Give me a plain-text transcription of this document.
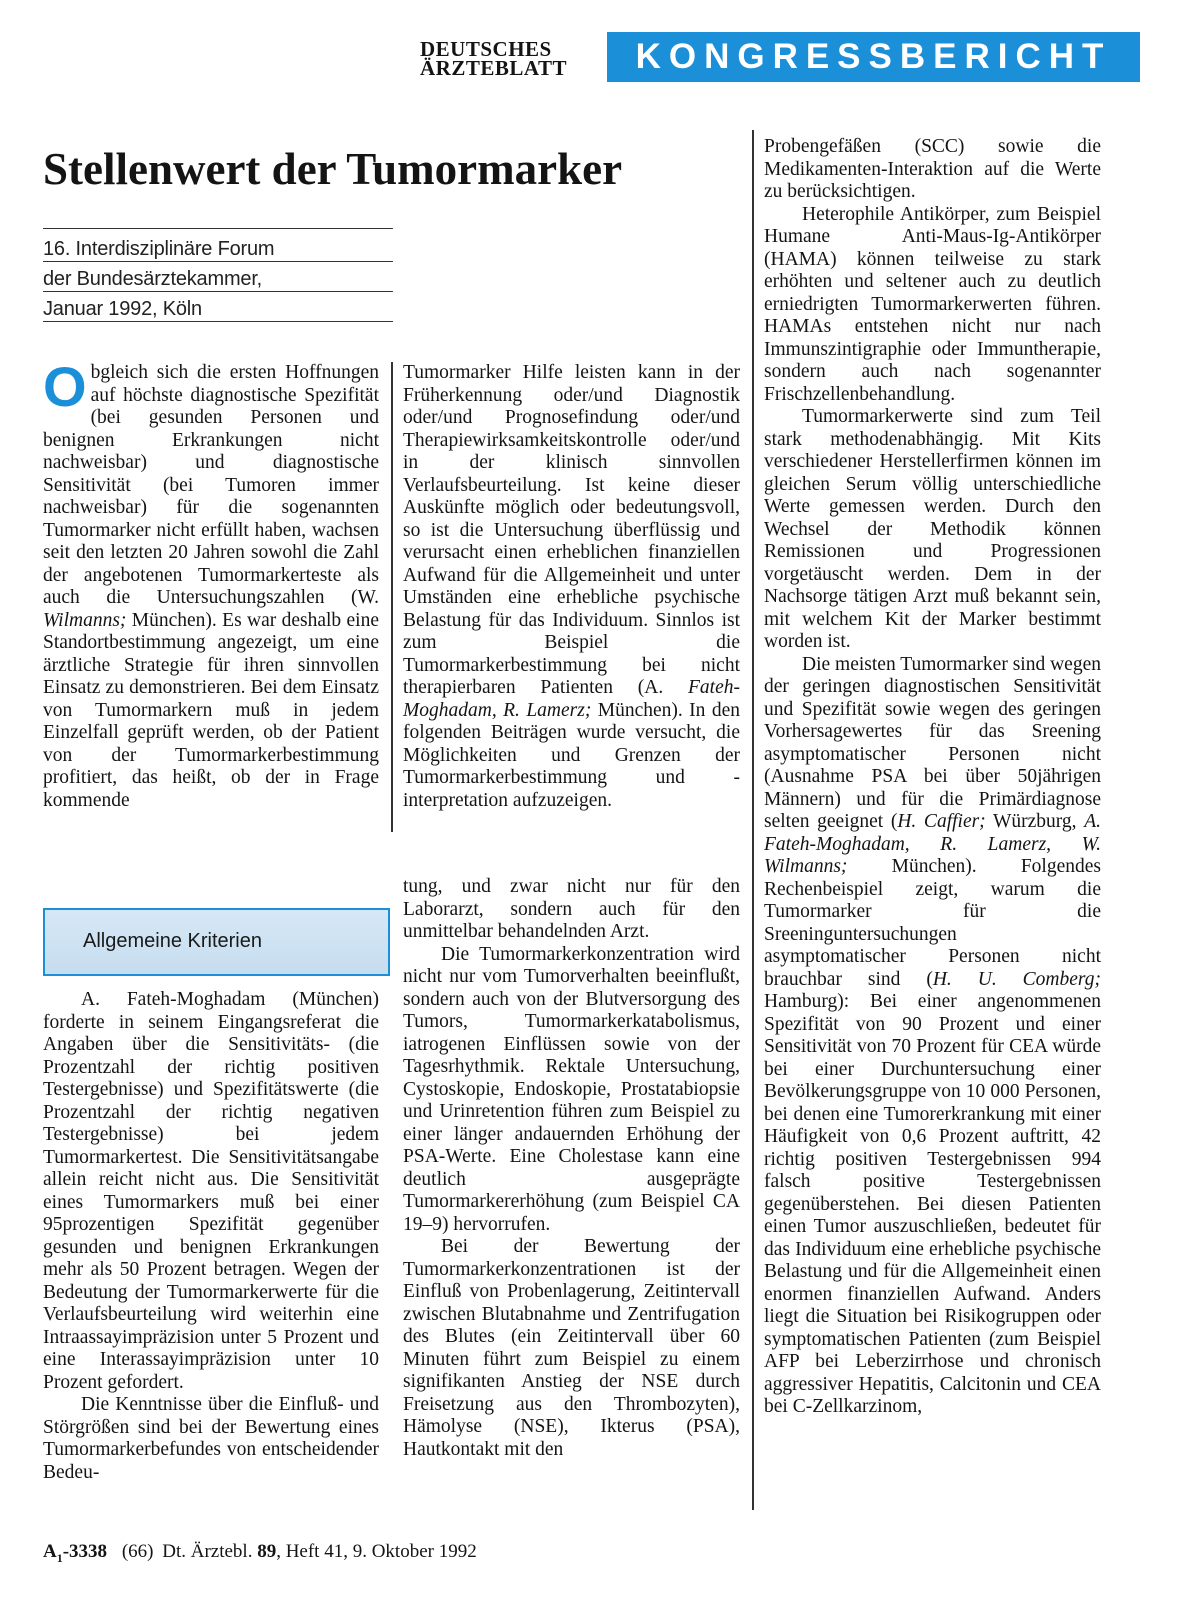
DEUTSCHES
ÄRZTEBLATT	KONGRESSBERICHT
Stellenwert der Tumormarker
16. Interdisziplinäre Forum
der Bundesärztekammer,
Januar 1992, Köln

Obgleich sich die ersten Hoffnungen auf höchste diagnostische Spezifität (bei gesunden Personen und benignen Erkrankungen nicht nachweisbar) und diagnostische Sensitivität (bei Tumoren immer nachweisbar) für die sogenannten Tumormarker nicht erfüllt haben, wachsen seit den letzten 20 Jahren sowohl die Zahl der angebotenen Tumormarkerteste als auch die Untersuchungszahlen (W. Wilmanns; München). Es war deshalb eine Standortbestimmung angezeigt, um eine ärztliche Strategie für ihren sinnvollen Einsatz zu demonstrieren. Bei dem Einsatz von Tumormarkern muß in jedem Einzelfall geprüft werden, ob der Patient von der Tumormarkerbestimmung profitiert, das heißt, ob der in Frage kommende

Tumormarker Hilfe leisten kann in der Früherkennung oder/und Diagnostik oder/und Prognosefindung oder/und Therapiewirksamkeitskontrolle oder/und in der klinisch sinnvollen Verlaufsbeurteilung. Ist keine dieser Auskünfte möglich oder bedeutungsvoll, so ist die Untersuchung überflüssig und verursacht einen erheblichen finanziellen Aufwand für die Allgemeinheit und unter Umständen eine erhebliche psychische Belastung für das Individuum. Sinnlos ist zum Beispiel die Tumormarkerbestimmung bei nicht therapierbaren Patienten (A. Fateh-Moghadam, R. Lamerz; München). In den folgenden Beiträgen wurde versucht, die Möglichkeiten und Grenzen der Tumormarkerbestimmung und -interpretation aufzuzeigen.

Allgemeine Kriterien

A. Fateh-Moghadam (München) forderte in seinem Eingangsreferat die Angaben über die Sensitivitäts- (die Prozentzahl der richtig positiven Testergebnisse) und Spezifitätswerte (die Prozentzahl der richtig negativen Testergebnisse) bei jedem Tumormarkertest. Die Sensitivitätsangabe allein reicht nicht aus. Die Sensitivität eines Tumormarkers muß bei einer 95prozentigen Spezifität gegenüber gesunden und benignen Erkrankungen mehr als 50 Prozent betragen. Wegen der Bedeutung der Tumormarkerwerte für die Verlaufsbeurteilung wird weiterhin eine Intraassayimpräzision unter 5 Prozent und eine Interassayimpräzision unter 10 Prozent gefordert.

Die Kenntnisse über die Einfluß- und Störgrößen sind bei der Bewertung eines Tumormarkerbefundes von entscheidender Bedeu-

tung, und zwar nicht nur für den Laborarzt, sondern auch für den unmittelbar behandelnden Arzt.

Die Tumormarkerkonzentration wird nicht nur vom Tumorverhalten beeinflußt, sondern auch von der Blutversorgung des Tumors, Tumormarkerkatabolismus, iatrogenen Einflüssen sowie von der Tagesrhythmik. Rektale Untersuchung, Cystoskopie, Endoskopie, Prostatabiopsie und Urinretention führen zum Beispiel zu einer länger andauernden Erhöhung der PSA-Werte. Eine Cholestase kann eine deutlich ausgeprägte Tumormarkererhöhung (zum Beispiel CA 19–9) hervorrufen.

Bei der Bewertung der Tumormarkerkonzentrationen ist der Einfluß von Probenlagerung, Zeitintervall zwischen Blutabnahme und Zentrifugation des Blutes (ein Zeitintervall über 60 Minuten führt zum Beispiel zu einem signifikanten Anstieg der NSE durch Freisetzung aus den Thrombozyten), Hämolyse (NSE), Ikterus (PSA), Hautkontakt mit den

Probengefäßen (SCC) sowie die Medikamenten-Interaktion auf die Werte zu berücksichtigen.

Heterophile Antikörper, zum Beispiel Humane Anti-Maus-Ig-Antikörper (HAMA) können teilweise zu stark erhöhten und seltener auch zu deutlich erniedrigten Tumormarkerwerten führen. HAMAs entstehen nicht nur nach Immunszintigraphie oder Immuntherapie, sondern auch nach sogenannter Frischzellenbehandlung.

Tumormarkerwerte sind zum Teil stark methodenabhängig. Mit Kits verschiedener Herstellerfirmen können im gleichen Serum völlig unterschiedliche Werte gemessen werden. Durch den Wechsel der Methodik können Remissionen und Progressionen vorgetäuscht werden. Dem in der Nachsorge tätigen Arzt muß bekannt sein, mit welchem Kit der Marker bestimmt worden ist.

Die meisten Tumormarker sind wegen der geringen diagnostischen Sensitivität und Spezifität sowie wegen des geringen Vorhersagewertes für das Sreening asymptomatischer Personen nicht (Ausnahme PSA bei über 50jährigen Männern) und für die Primärdiagnose selten geeignet (H. Caffier; Würzburg, A. Fateh-Moghadam, R. Lamerz, W. Wilmanns; München). Folgendes Rechenbeispiel zeigt, warum die Tumormarker für die Sreeninguntersuchungen asymptomatischer Personen nicht brauchbar sind (H. U. Comberg; Hamburg): Bei einer angenommenen Spezifität von 90 Prozent und einer Sensitivität von 70 Prozent für CEA würde bei einer Durchuntersuchung einer Bevölkerungsgruppe von 10 000 Personen, bei denen eine Tumorerkrankung mit einer Häufigkeit von 0,6 Prozent auftritt, 42 richtig positiven Testergebnissen 994 falsch positive Testergebnissen gegenüberstehen. Bei diesen Patienten einen Tumor auszuschließen, bedeutet für das Individuum eine erhebliche psychische Belastung und für die Allgemeinheit einen enormen finanziellen Aufwand. Anders liegt die Situation bei Risikogruppen oder symptomatischen Patienten (zum Beispiel AFP bei Leberzirrhose und chronisch aggressiver Hepatitis, Calcitonin und CEA bei C-Zellkarzinom,

$A_1-3338$ (66) Dt. Ärztebl. 89, Heft 41, 9. Oktober 1992
